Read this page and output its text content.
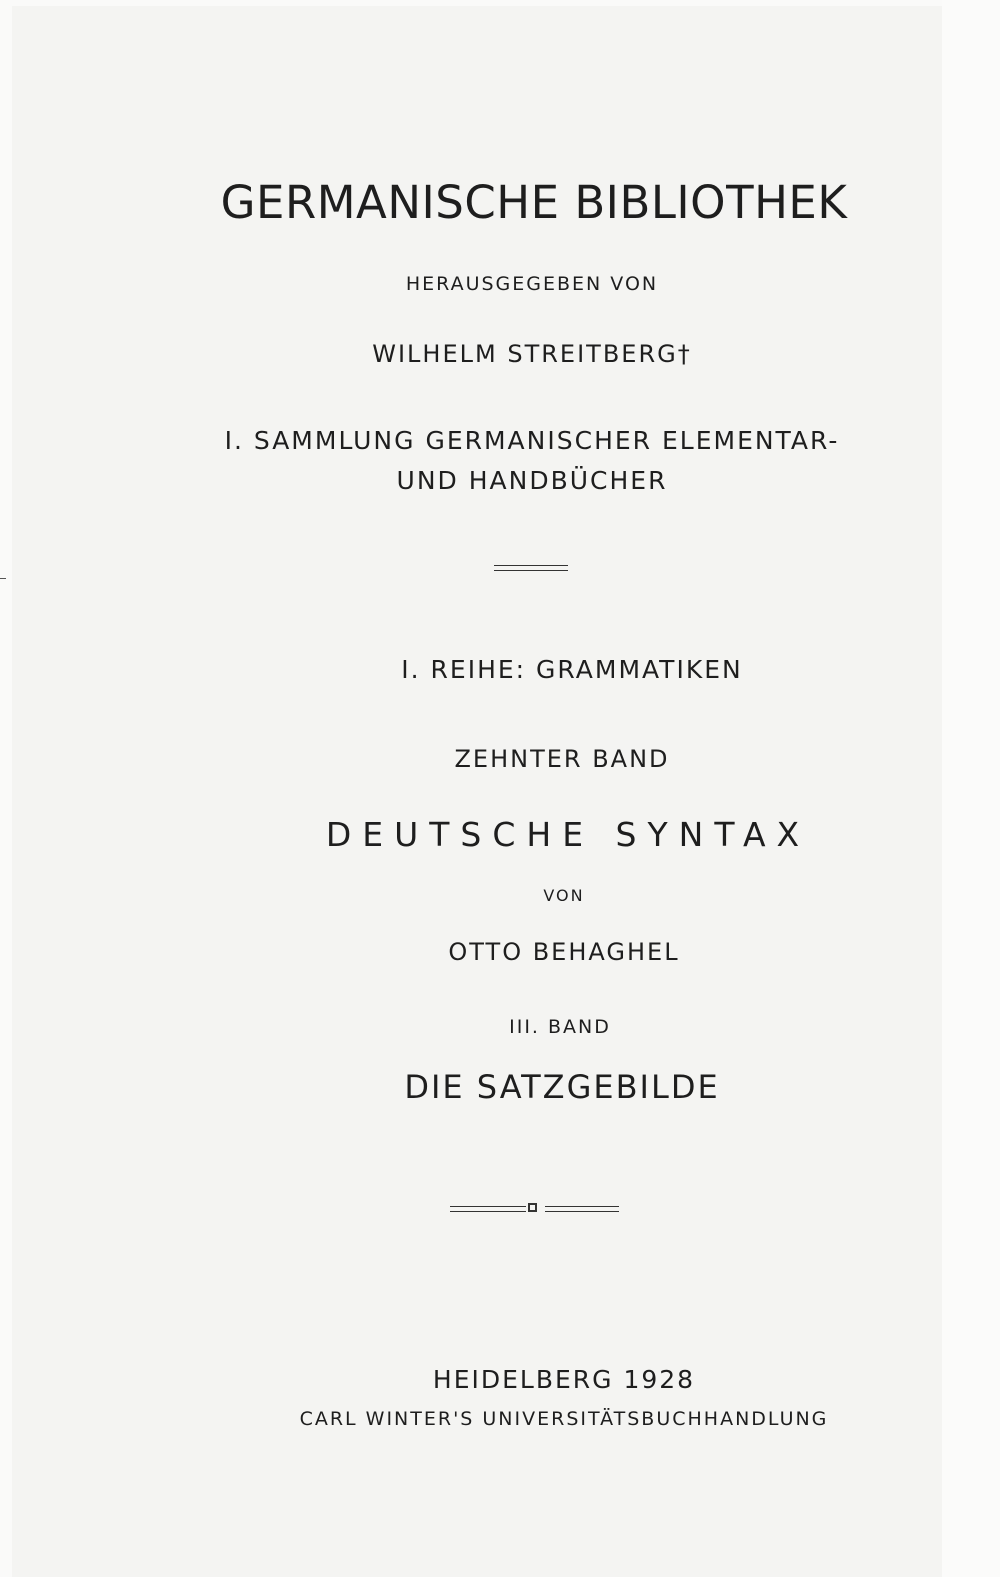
GERMANISCHE BIBLIOTHEK
HERAUSGEGEBEN VON
WILHELM STREITBERG†
I. SAMMLUNG GERMANISCHER ELEMENTAR-
UND HANDBÜCHER
I. REIHE: GRAMMATIKEN
ZEHNTER BAND
DEUTSCHE SYNTAX
VON
OTTO BEHAGHEL
III. BAND
DIE SATZGEBILDE
HEIDELBERG 1928
CARL WINTER'S UNIVERSITÄTSBUCHHANDLUNG
